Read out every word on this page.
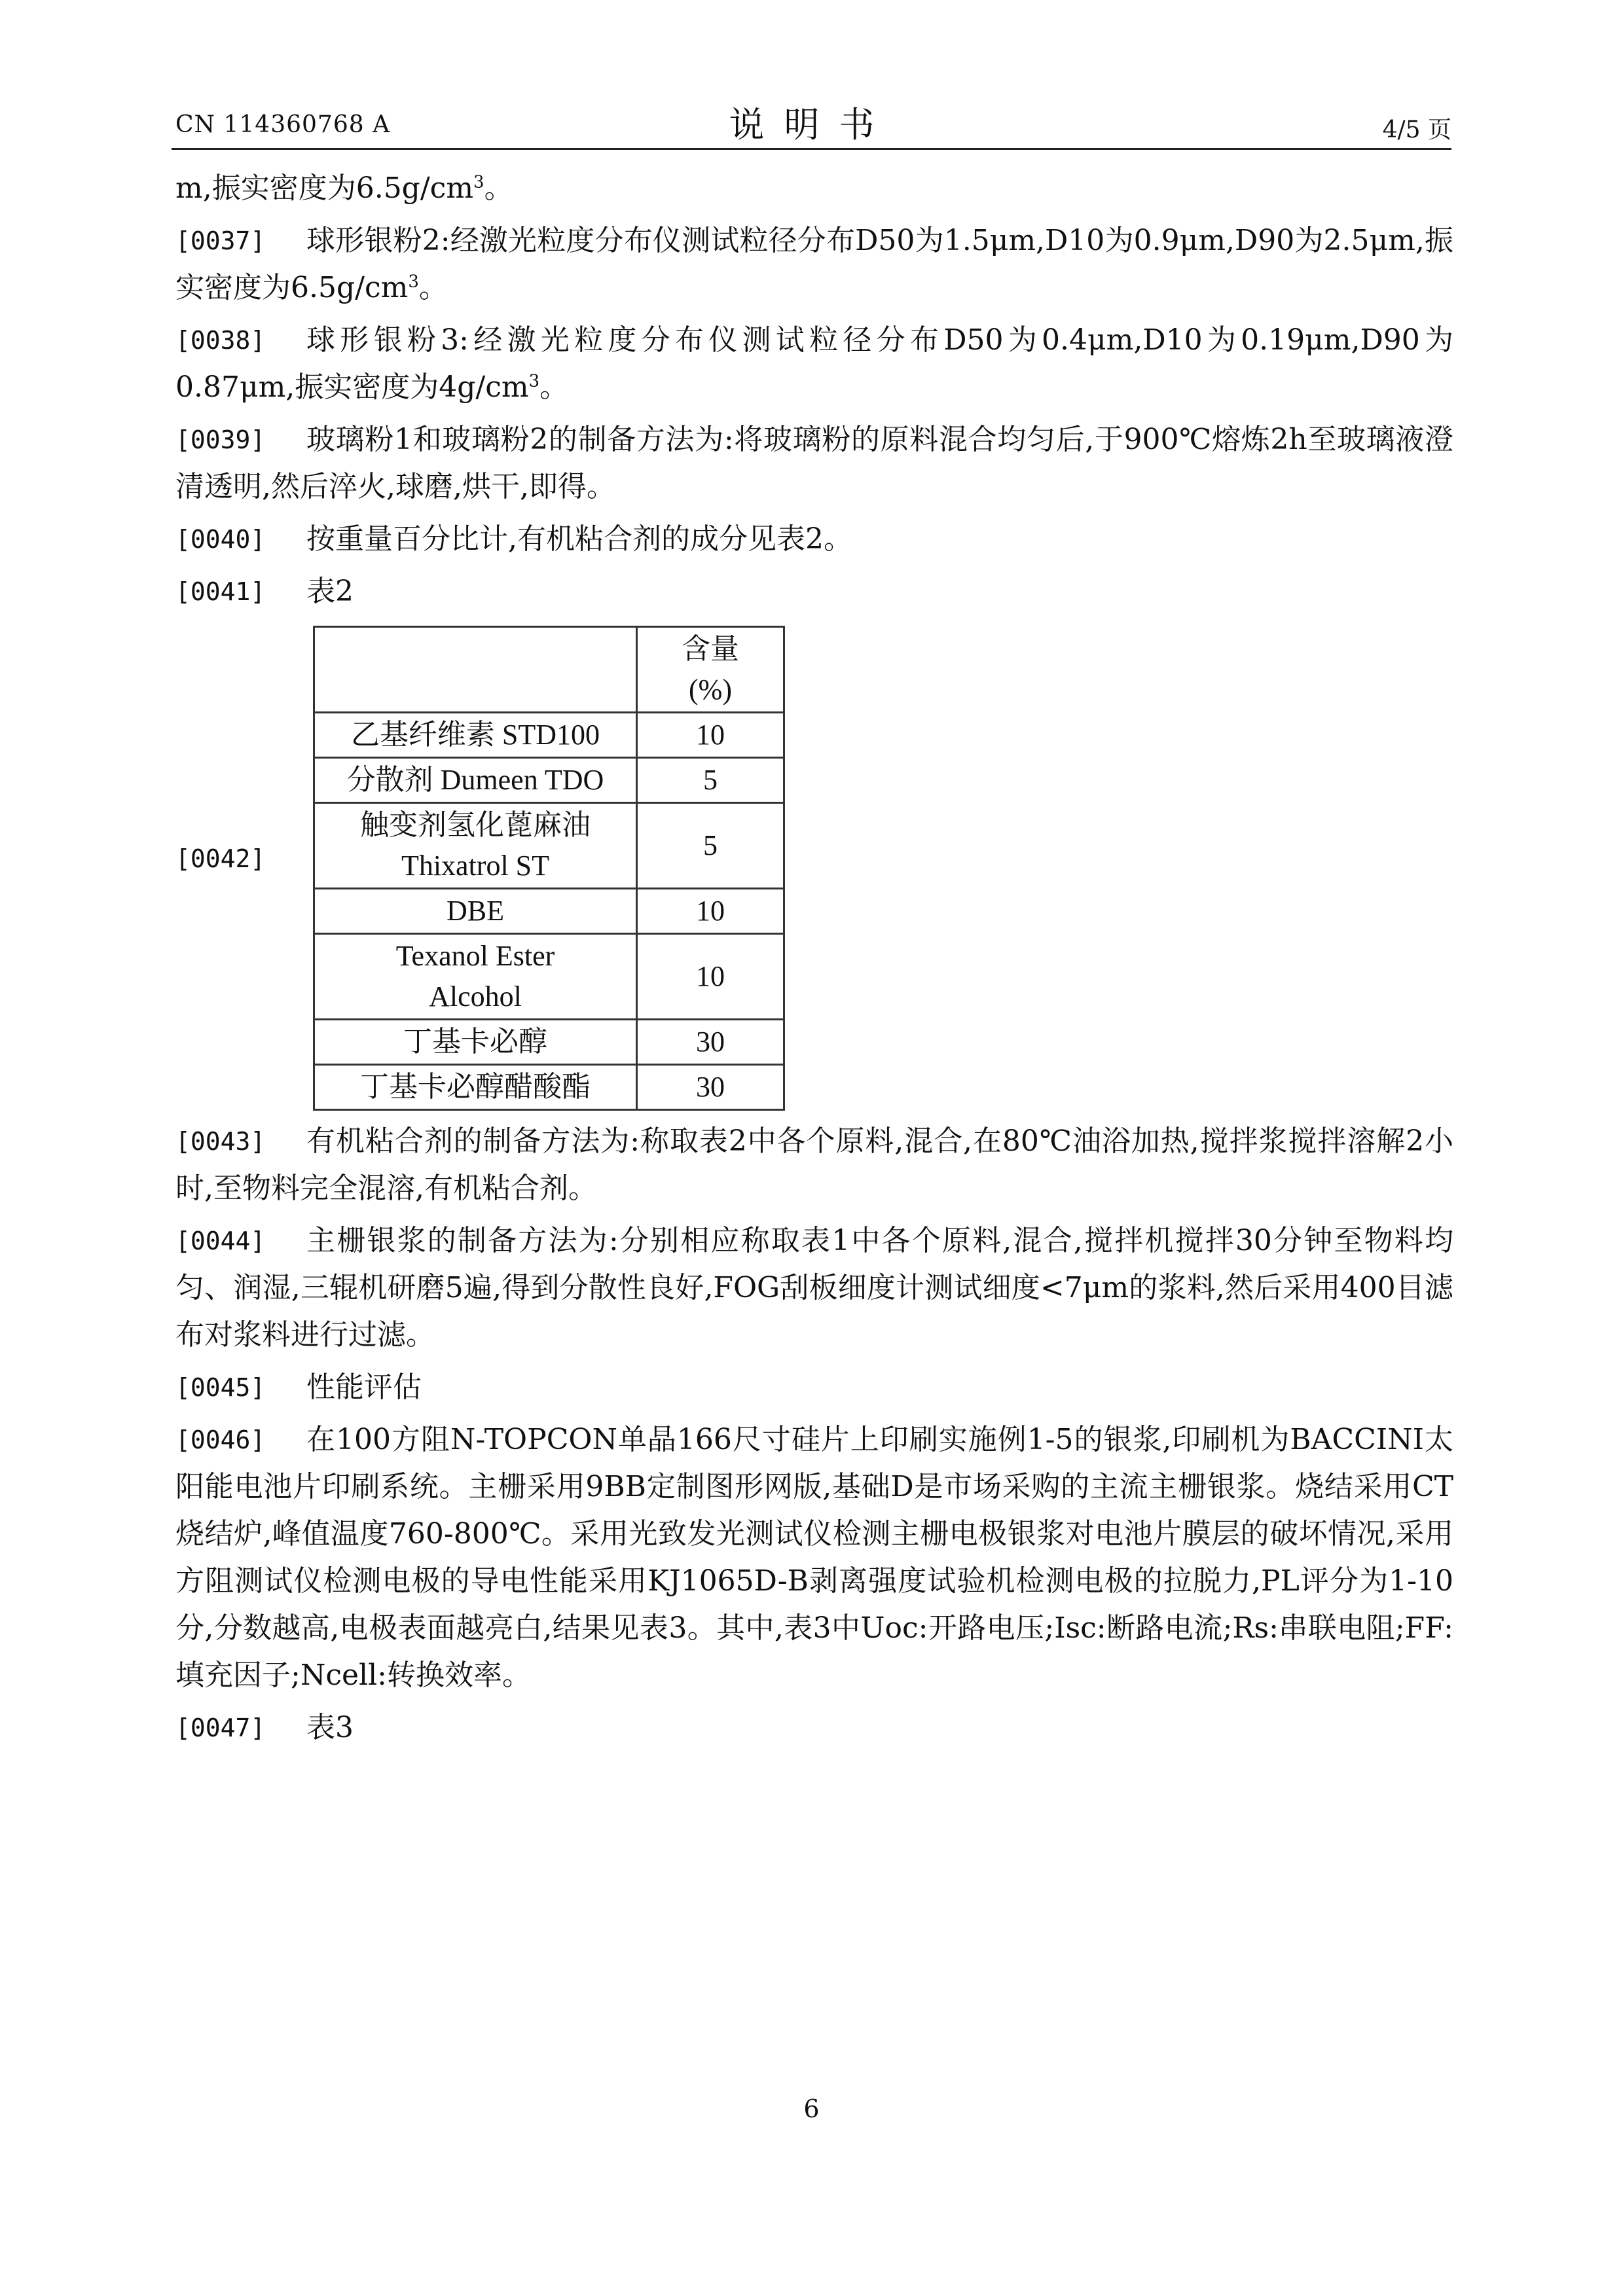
CN 114360768 A	说明书	4/5 页
m,振实密度为$6.5g/cm^3$。
[0037]	球形银粉2:经激光粒度分布仪测试粒径分布D50为1.5μm,D10为0.9μm,D90为2.5μm,振实密度为$6.5g/cm^3$。
[0038]	球形银粉3:经激光粒度分布仪测试粒径分布D50为0.4μm,D10为0.19μm,D90为0.87μm,振实密度为$4g/cm^3$。
[0039]	玻璃粉1和玻璃粉2的制备方法为:将玻璃粉的原料混合均匀后,于900℃熔炼2h至玻璃液澄清透明,然后淬火,球磨,烘干,即得。
[0040]	按重量百分比计,有机粘合剂的成分见表2。
[0041]	表2
[0042]
	含量
(%)
乙基纤维素 STD100	10
分散剂 Dumeen TDO	5
触变剂氢化蓖麻油
Thixatrol ST	5
DBE	10
Texanol Ester
Alcohol	10
丁基卡必醇	30
丁基卡必醇醋酸酯	30
[0043]	有机粘合剂的制备方法为:称取表2中各个原料,混合,在80℃油浴加热,搅拌浆搅拌溶解2小时,至物料完全混溶,有机粘合剂。
[0044]	主栅银浆的制备方法为:分别相应称取表1中各个原料,混合,搅拌机搅拌30分钟至物料均匀、润湿,三辊机研磨5遍,得到分散性良好,FOG刮板细度计测试细度<7μm的浆料,然后采用400目滤布对浆料进行过滤。
[0045]	性能评估
[0046]	在100方阻N-TOPCON单晶166尺寸硅片上印刷实施例1-5的银浆,印刷机为BACCINI太阳能电池片印刷系统。主栅采用9BB定制图形网版,基础D是市场采购的主流主栅银浆。烧结采用CT烧结炉,峰值温度760-800℃。采用光致发光测试仪检测主栅电极银浆对电池片膜层的破坏情况,采用方阻测试仪检测电极的导电性能采用KJ1065D-B剥离强度试验机检测电极的拉脱力,PL评分为1-10分,分数越高,电极表面越亮白,结果见表3。其中,表3中Uoc:开路电压;Isc:断路电流;Rs:串联电阻;FF:填充因子;Ncell:转换效率。
[0047]	表3
6
